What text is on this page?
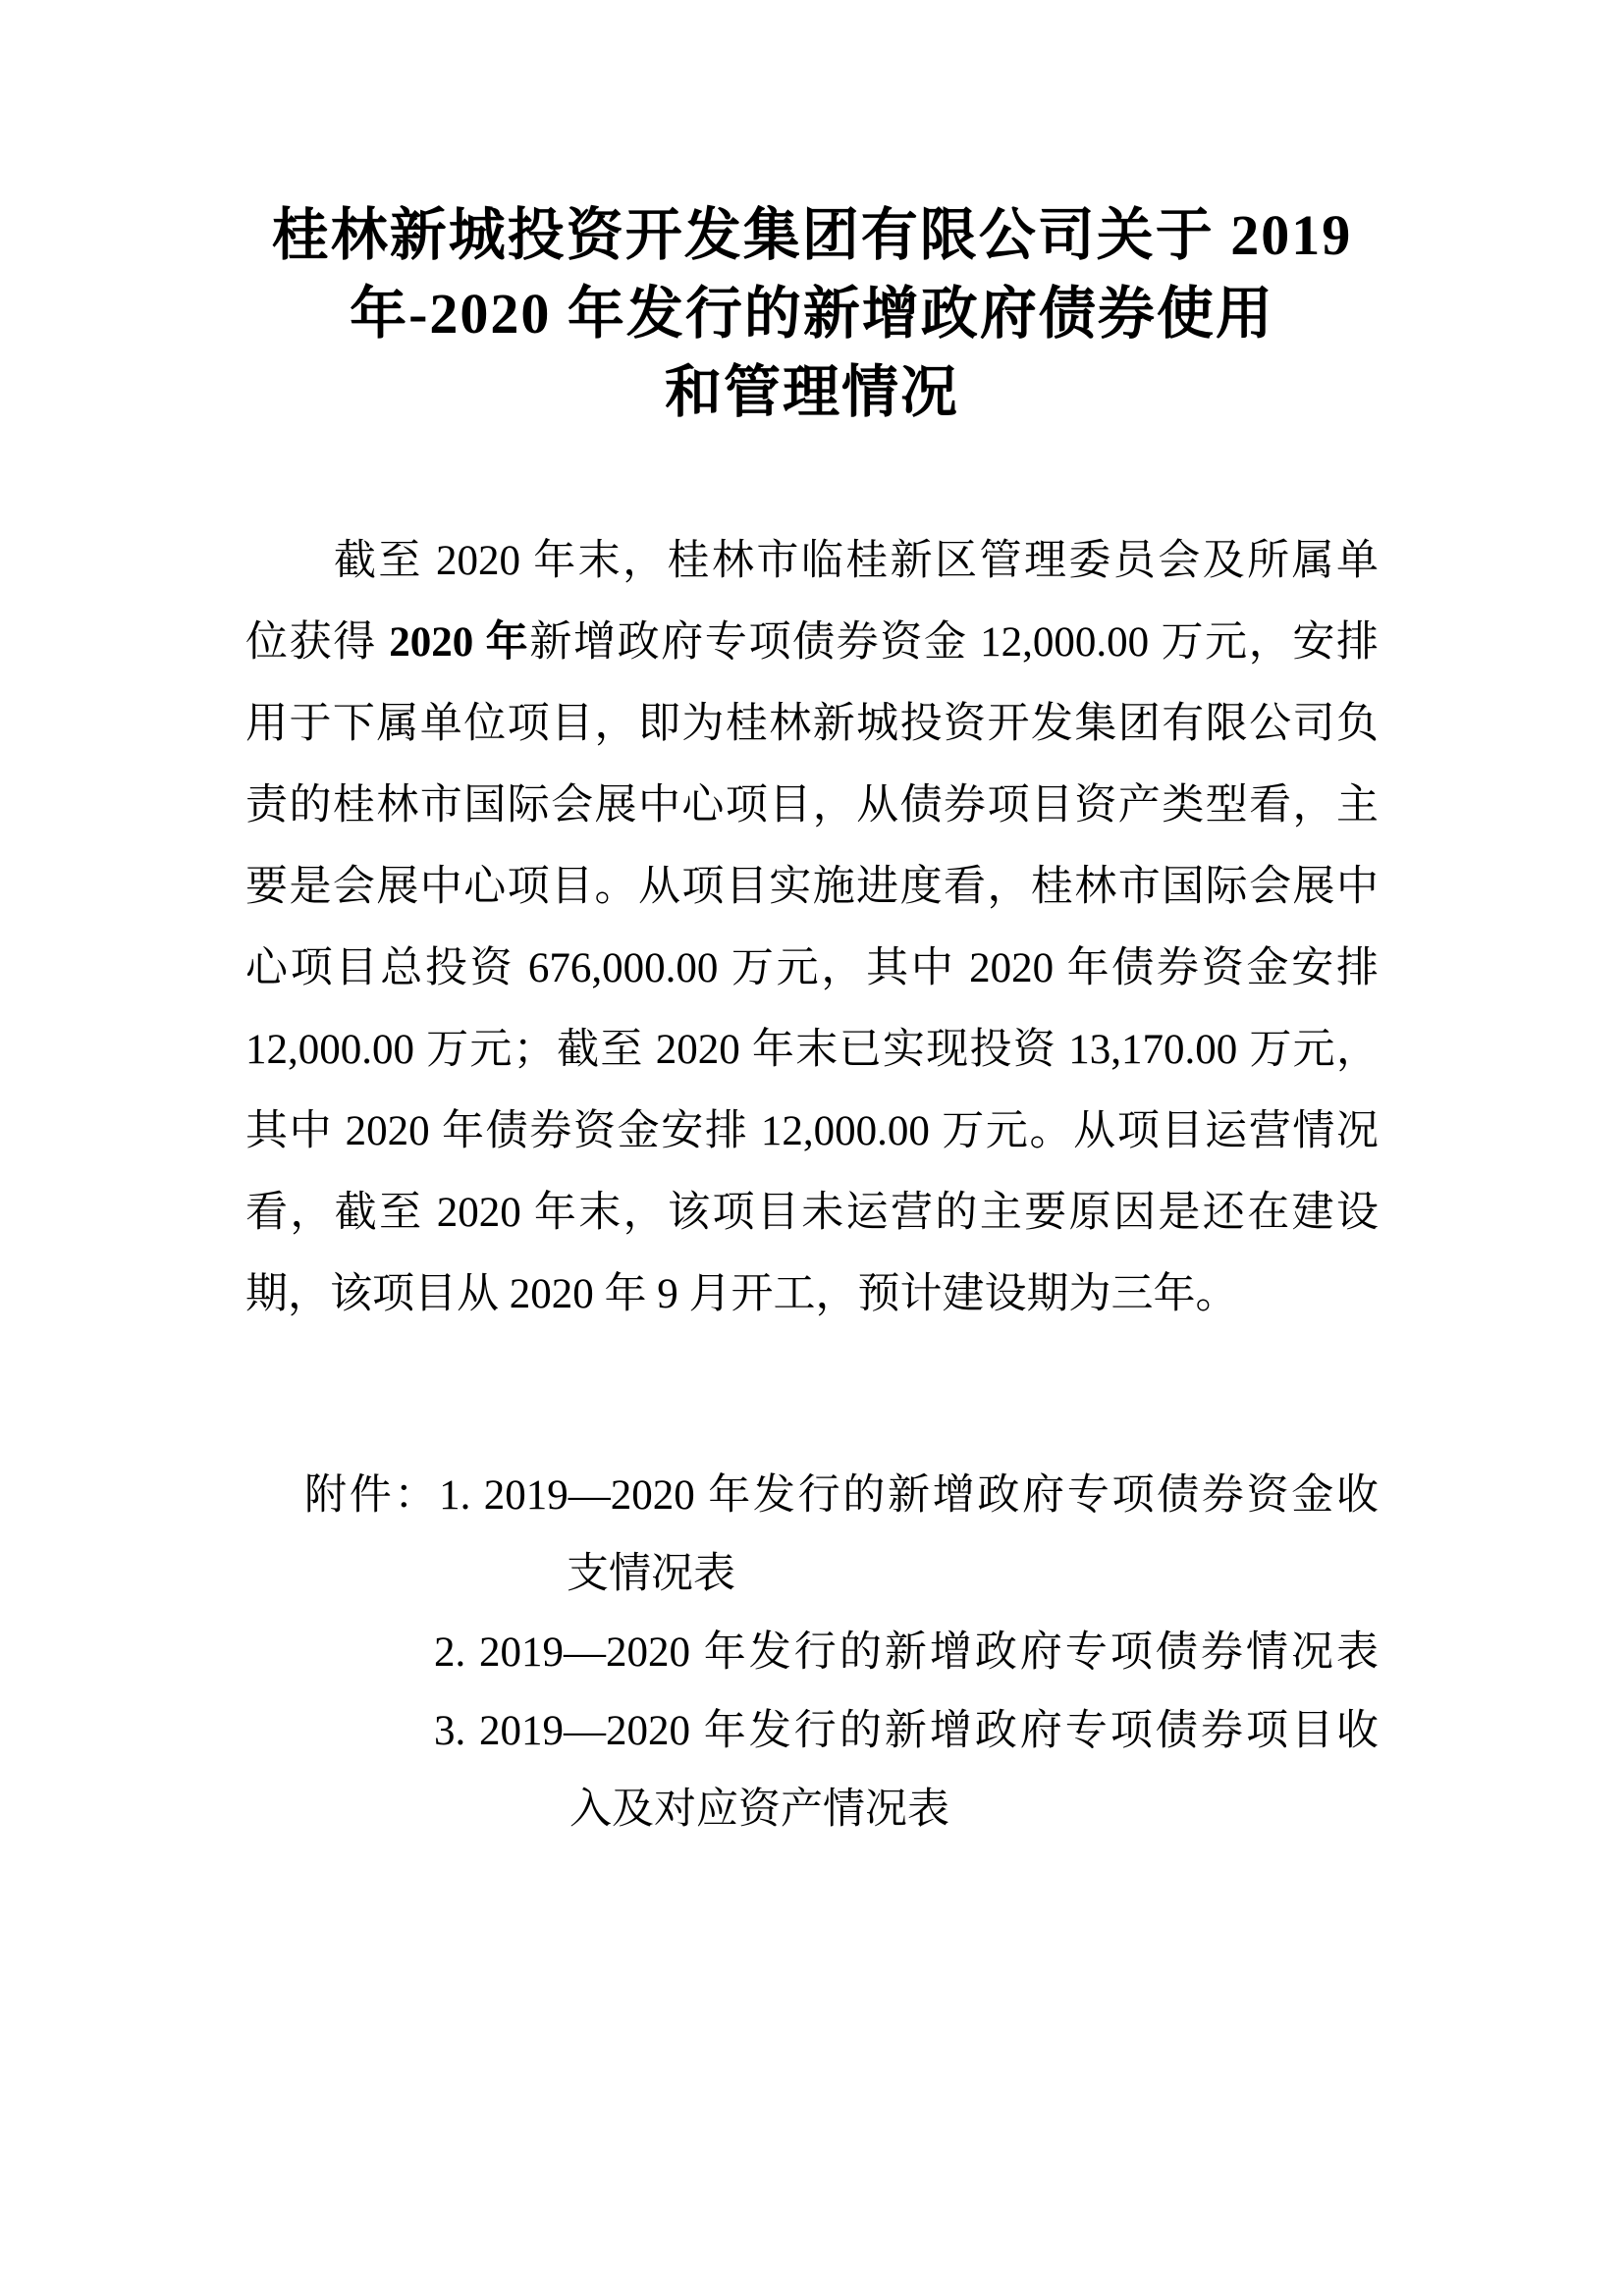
桂林新城投资开发集团有限公司关于 2019
年-2020 年发行的新增政府债券使用
和管理情况
截至 2020 年末，桂林市临桂新区管理委员会及所属单
位获得 2020 年新增政府专项债券资金 12,000.00 万元，安排
用于下属单位项目，即为桂林新城投资开发集团有限公司负
责的桂林市国际会展中心项目，从债券项目资产类型看，主
要是会展中心项目。从项目实施进度看，桂林市国际会展中
心项目总投资 676,000.00 万元，其中 2020 年债券资金安排
12,000.00 万元；截至 2020 年末已实现投资 13,170.00 万元，
其中 2020 年债券资金安排 12,000.00 万元。从项目运营情况
看，截至 2020 年末，该项目未运营的主要原因是还在建设
期，该项目从 2020 年 9 月开工，预计建设期为三年。
附件：1. 2019—2020 年发行的新增政府专项债券资金收
支情况表
2. 2019—2020 年发行的新增政府专项债券情况表
3. 2019—2020 年发行的新增政府专项债券项目收
入及对应资产情况表
